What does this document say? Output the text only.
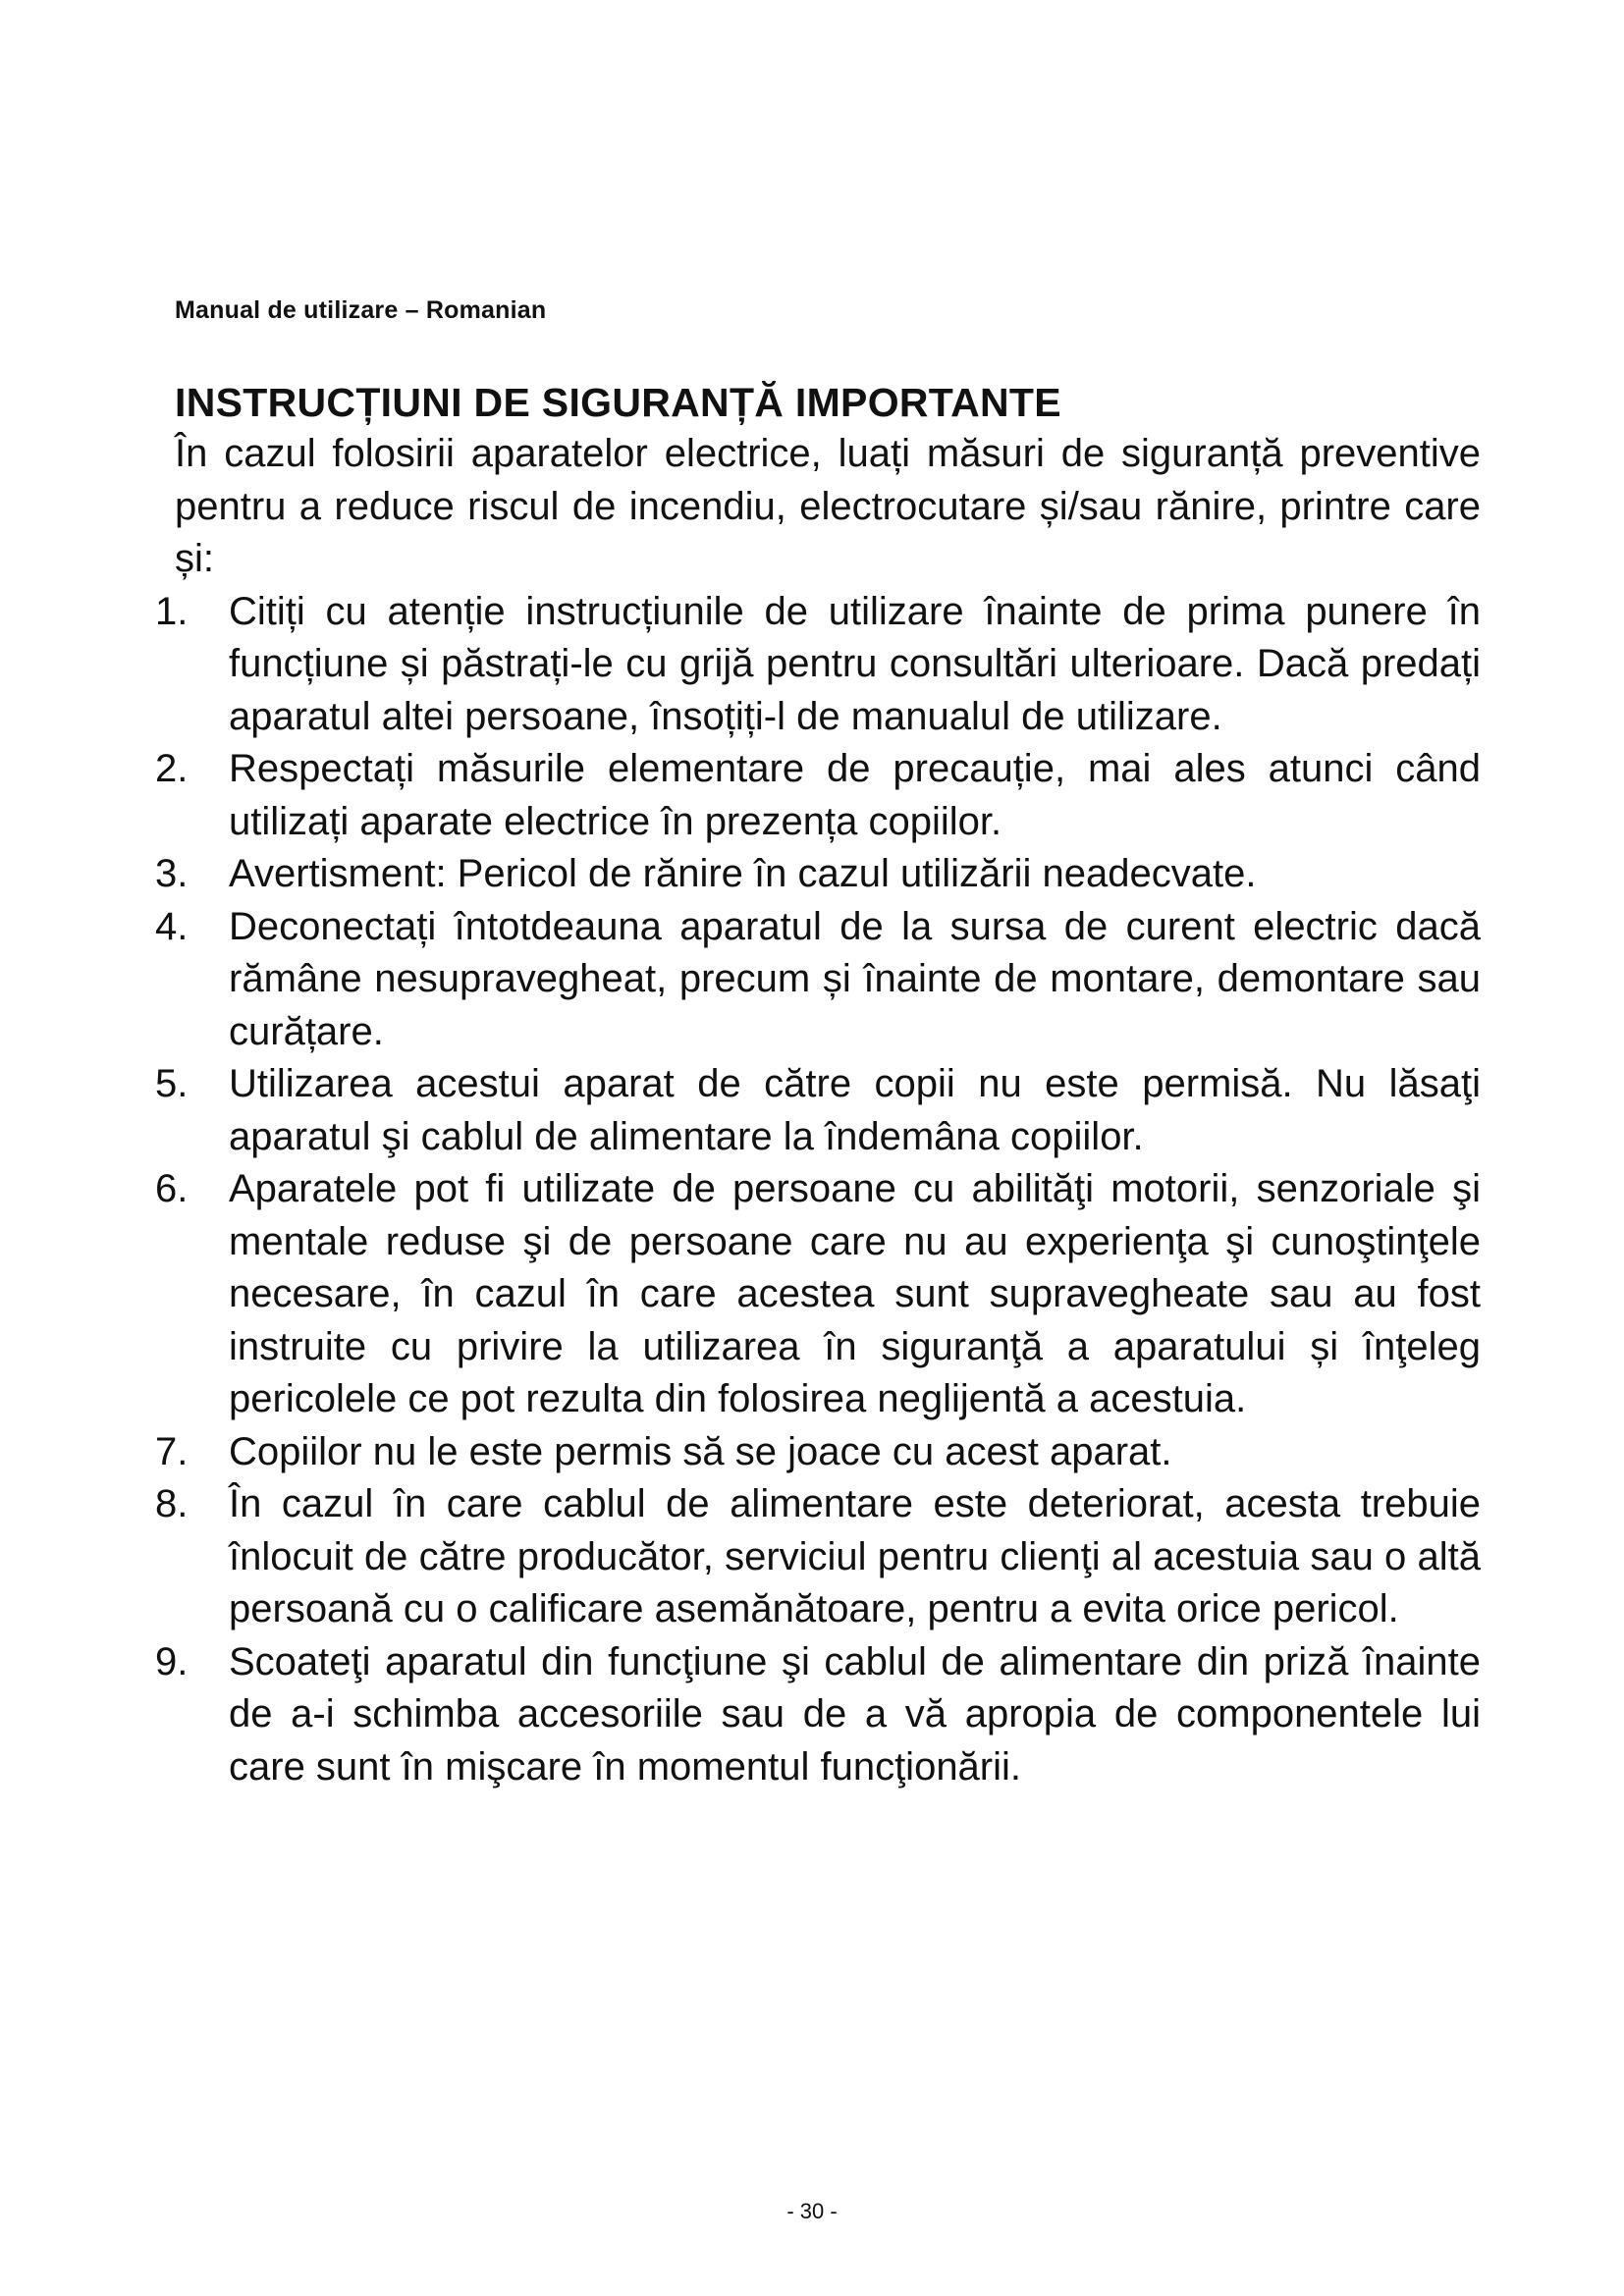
Manual de utilizare – Romanian
INSTRUCȚIUNI DE SIGURANȚĂ IMPORTANTE

În cazul folosirii aparatelor electrice, luați măsuri de siguranță preventive pentru a reduce riscul de incendiu, electrocutare și/sau rănire, printre care și:

1.	Citiți cu atenție instrucțiunile de utilizare înainte de prima punere în funcțiune și păstrați-le cu grijă pentru consultări ulterioare. Dacă predați aparatul altei persoane, însoțiți-l de manualul de utilizare.
2.	Respectați măsurile elementare de precauție, mai ales atunci când utilizați aparate electrice în prezența copiilor.
3.	Avertisment: Pericol de rănire în cazul utilizării neadecvate.
4.	Deconectați întotdeauna aparatul de la sursa de curent electric dacă rămâne nesupravegheat, precum și înainte de montare, demontare sau curățare.
5.	Utilizarea acestui aparat de către copii nu este permisă. Nu lăsaţi aparatul şi cablul de alimentare la îndemâna copiilor.
6.	Aparatele pot fi utilizate de persoane cu abilităţi motorii, senzoriale şi mentale reduse şi de persoane care nu au experienţa şi cunoştinţele necesare, în cazul în care acestea sunt supravegheate sau au fost instruite cu privire la utilizarea în siguranţă a aparatului și înţeleg pericolele ce pot rezulta din folosirea neglijentă a acestuia.
7.	Copiilor nu le este permis să se joace cu acest aparat.
8.	În cazul în care cablul de alimentare este deteriorat, acesta trebuie înlocuit de către producător, serviciul pentru clienţi al acestuia sau o altă persoană cu o calificare asemănătoare, pentru a evita orice pericol.
9.	Scoateţi aparatul din funcţiune şi cablul de alimentare din priză înainte de a-i schimba accesoriile sau de a vă apropia de componentele lui care sunt în mişcare în momentul funcţionării.
- 30 -
